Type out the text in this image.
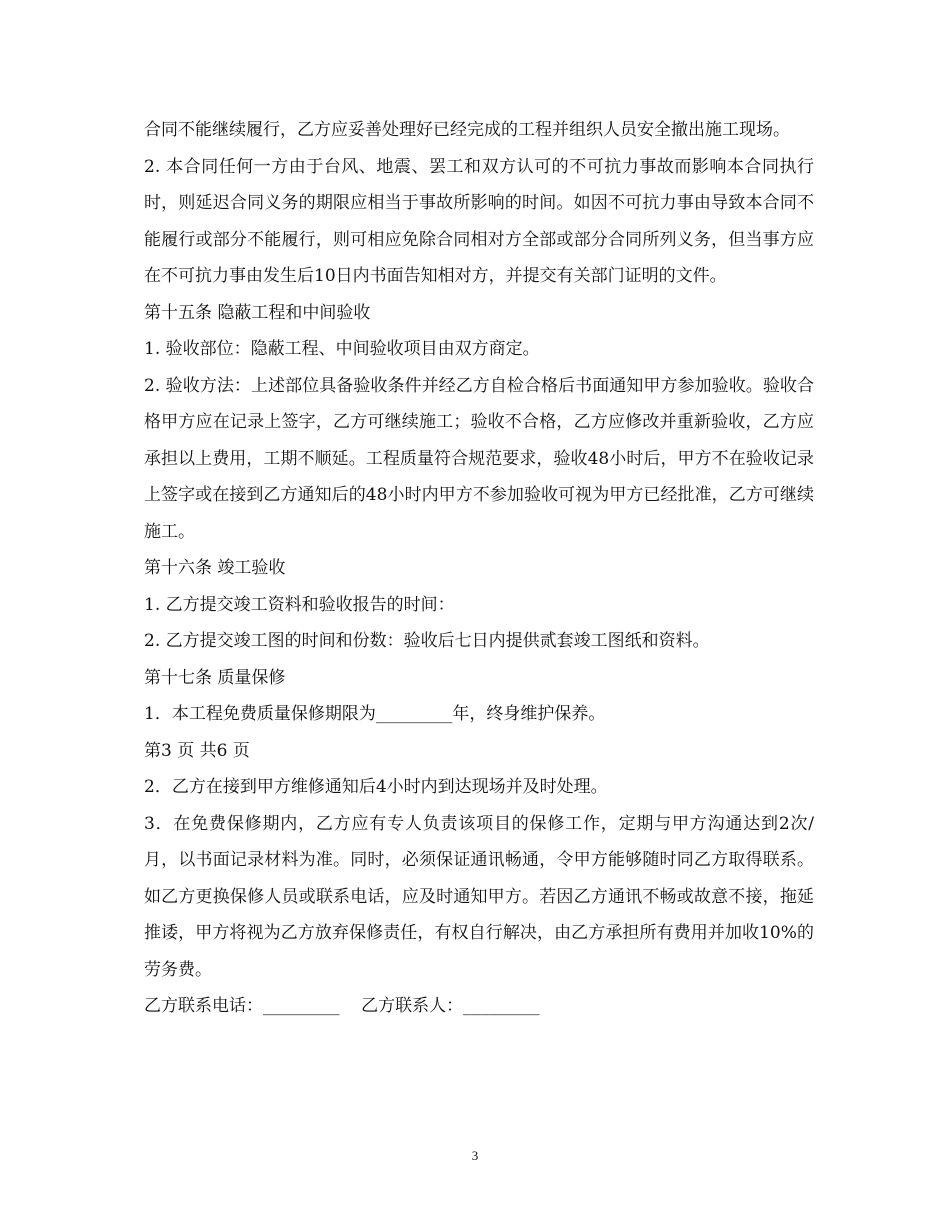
合同不能继续履行，乙方应妥善处理好已经完成的工程并组织人员安全撤出施工现场。

2. 本合同任何一方由于台风、地震、罢工和双方认可的不可抗力事故而影响本合同执行时，则延迟合同义务的期限应相当于事故所影响的时间。如因不可抗力事由导致本合同不能履行或部分不能履行，则可相应免除合同相对方全部或部分合同所列义务，但当事方应在不可抗力事由发生后10日内书面告知相对方，并提交有关部门证明的文件。

第十五条 隐蔽工程和中间验收

1. 验收部位：隐蔽工程、中间验收项目由双方商定。

2. 验收方法：上述部位具备验收条件并经乙方自检合格后书面通知甲方参加验收。验收合格甲方应在记录上签字，乙方可继续施工；验收不合格，乙方应修改并重新验收，乙方应承担以上费用，工期不顺延。工程质量符合规范要求，验收48小时后，甲方不在验收记录上签字或在接到乙方通知后的48小时内甲方不参加验收可视为甲方已经批准，乙方可继续施工。

第十六条 竣工验收

1. 乙方提交竣工资料和验收报告的时间：

2. 乙方提交竣工图的时间和份数：验收后七日内提供贰套竣工图纸和资料。

第十七条 质量保修

1．本工程免费质量保修期限为_________年，终身维护保养。

第3 页 共6 页

2．乙方在接到甲方维修通知后4小时内到达现场并及时处理。

3．在免费保修期内，乙方应有专人负责该项目的保修工作，定期与甲方沟通达到2次/月，以书面记录材料为准。同时，必须保证通讯畅通，令甲方能够随时同乙方取得联系。如乙方更换保修人员或联系电话，应及时通知甲方。若因乙方通讯不畅或故意不接，拖延推诿，甲方将视为乙方放弃保修责任，有权自行解决，由乙方承担所有费用并加收10%的劳务费。

乙方联系电话：_________ 乙方联系人：_________

3
